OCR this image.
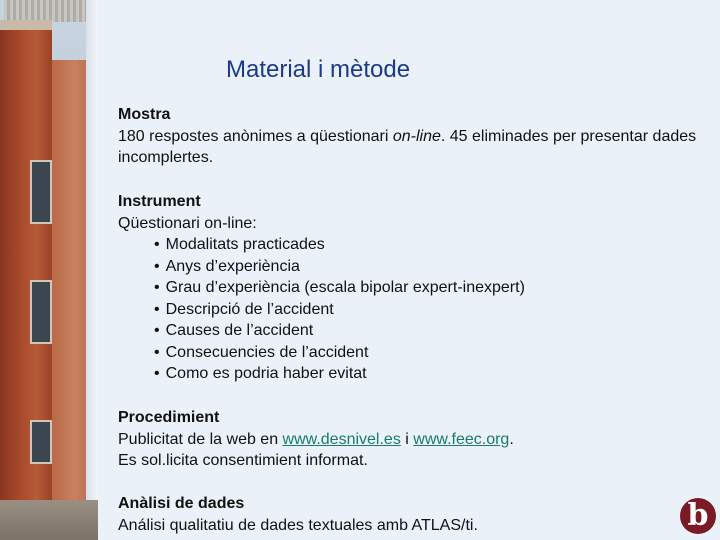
Material i mètode
Mostra
180 respostes anònimes a qüestionari on-line. 45 eliminades per presentar dades incomplertes.
Instrument
Qüestionari on-line:
• Modalitats practicades
• Anys d’experiència
• Grau d’experiència (escala bipolar expert-inexpert)
• Descripció de l’accident
• Causes de l’accident
• Consecuencies de l’accident
• Como es podria haber evitat
Procedimient
Publicitat de la web en www.desnivel.es i www.feec.org.
Es sol.licita consentimient informat.
Anàlisi de dades
Análisi qualitatiu de dades textuales amb ATLAS/ti.	b
